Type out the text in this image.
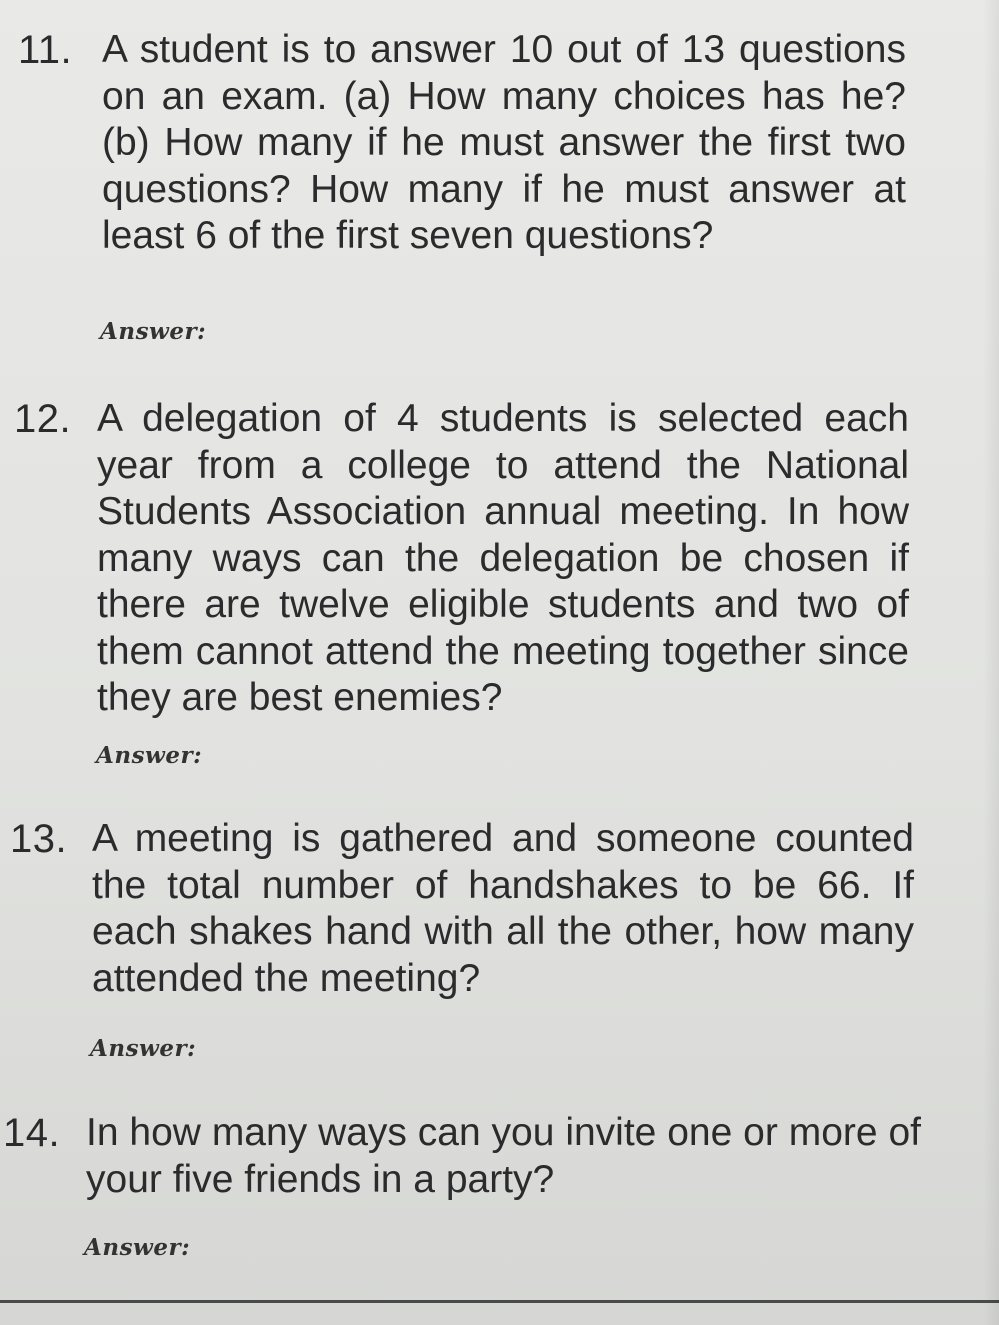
11. A student is to answer 10 out of 13 questions on an exam. (a) How many choices has he? (b) How many if he must answer the first two questions? How many if he must answer at least 6 of the first seven questions?
Answer:
12. A delegation of 4 students is selected each year from a college to attend the National Students Association annual meeting. In how many ways can the delegation be chosen if there are twelve eligible students and two of them cannot attend the meeting together since they are best enemies?
Answer:
13. A meeting is gathered and someone counted the total number of handshakes to be 66. If each shakes hand with all the other, how many attended the meeting?
Answer:
14. In how many ways can you invite one or more of your five friends in a party?
Answer:
